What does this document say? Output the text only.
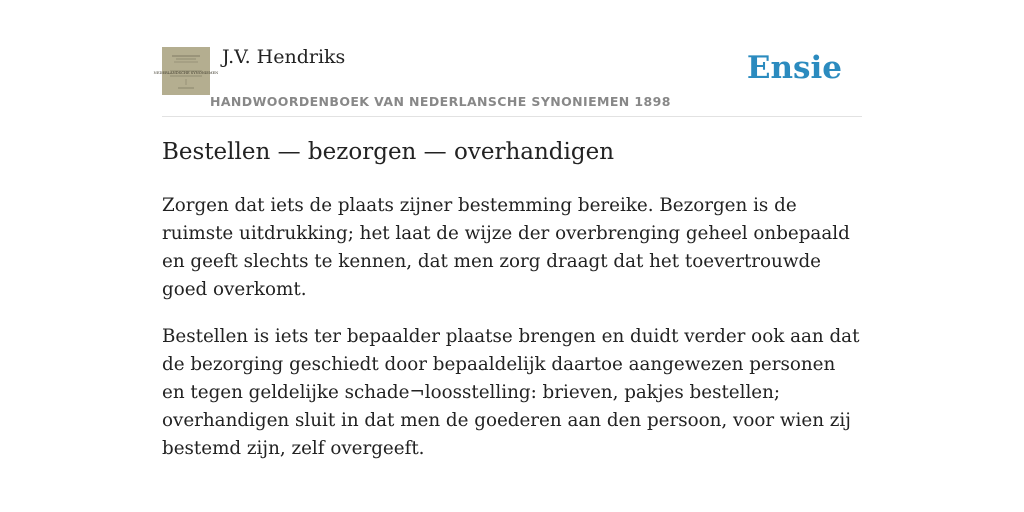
NEDERLANDSCHE SYNONIEMEN
J.V. Hendriks
HANDWOORDENBOEK VAN NEDERLANSCHE SYNONIEMEN 1898
Ensie
Bestellen — bezorgen — overhandigen

Zorgen dat iets de plaats zijner bestemming bereike. Bezorgen is de ruimste uitdrukking; het laat de wijze der overbrenging geheel onbepaald en geeft slechts te kennen, dat men zorg draagt dat het toevertrouwde goed overkomt.

Bestellen is iets ter bepaalder plaatse brengen en duidt verder ook aan dat de bezorging geschiedt door bepaaldelijk daartoe aangewezen personen en tegen geldelijke schade¬loosstelling: brieven, pakjes bestellen; overhandigen sluit in dat men de goederen aan den persoon, voor wien zij bestemd zijn, zelf overgeeft.
